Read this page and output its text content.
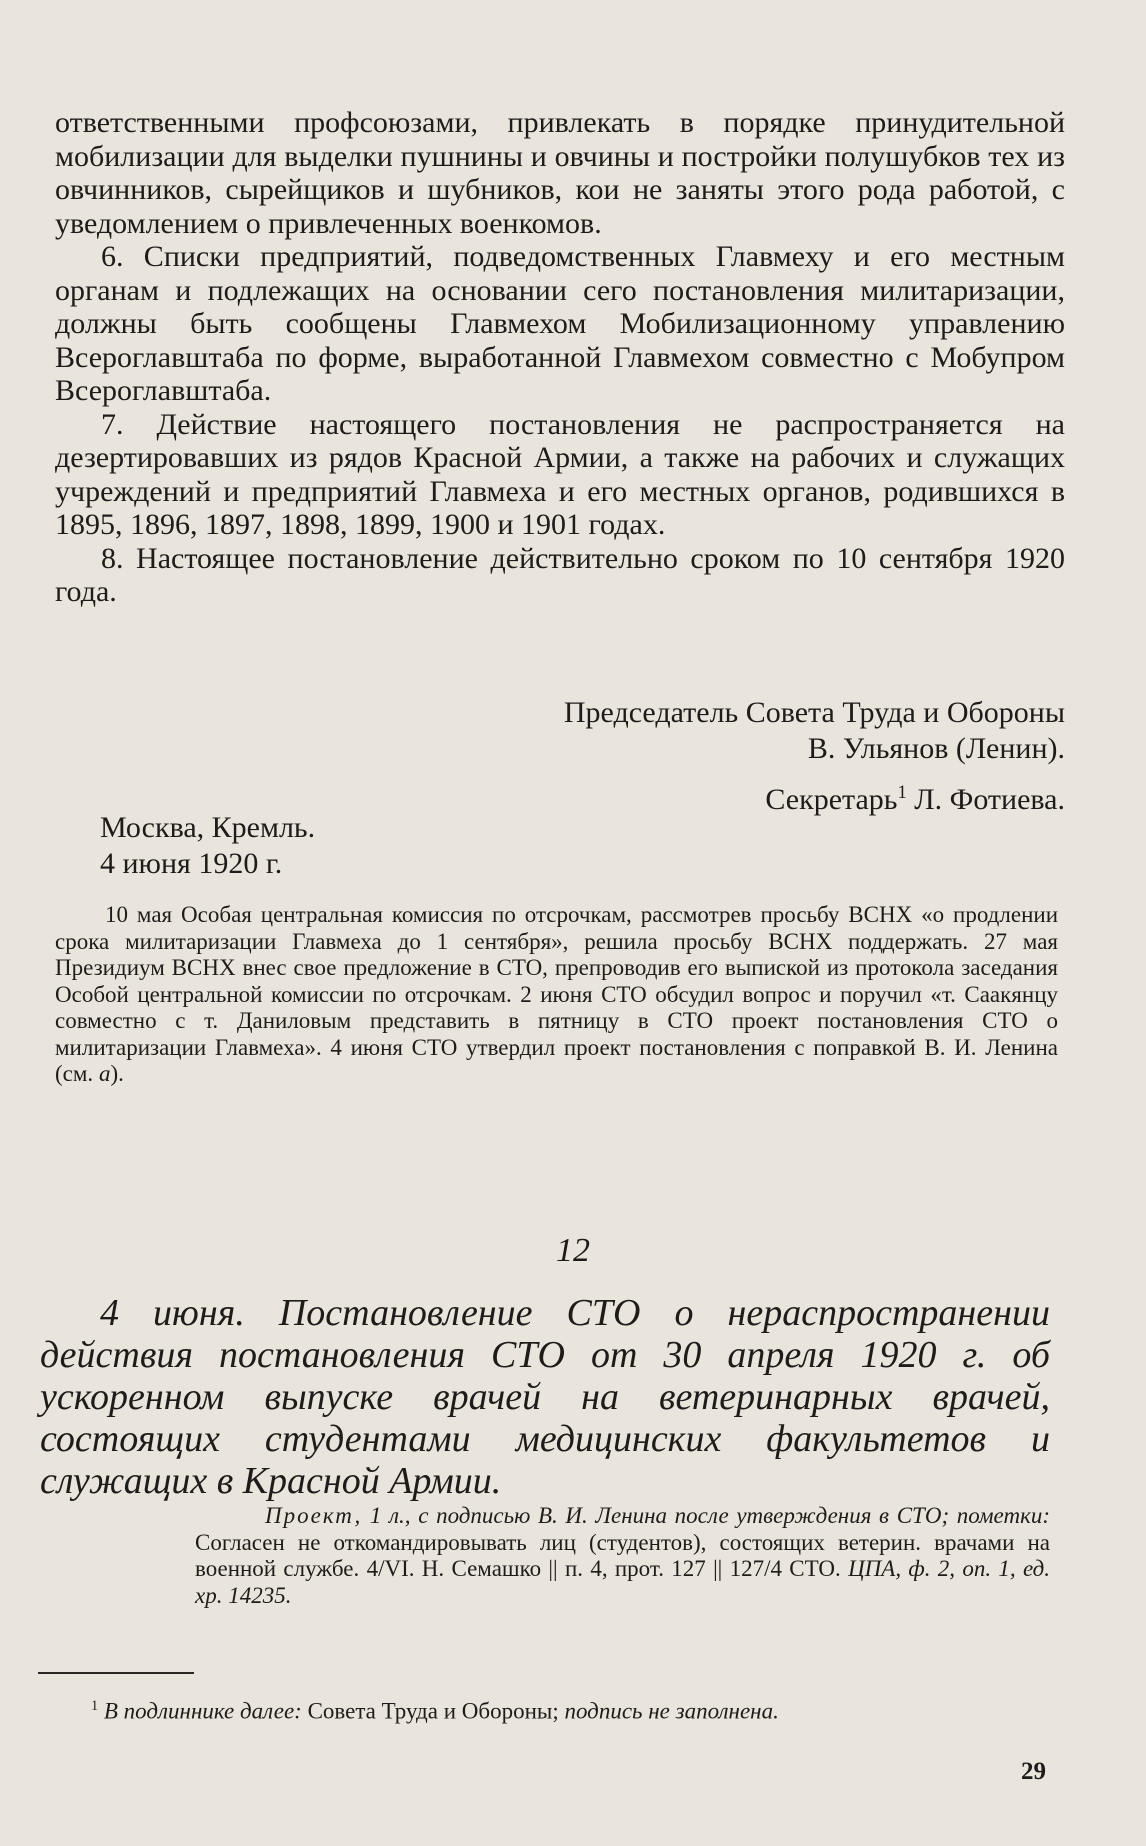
ответственными профсоюзами, привлекать в порядке принудительной мобилизации для выделки пушнины и овчины и постройки полушубков тех из овчинников, сырейщиков и шубников, кои не заняты этого рода работой, с уведомлением о привлеченных военкомов.

6. Списки предприятий, подведомственных Главмеху и его местным органам и подлежащих на основании сего постановления милитаризации, должны быть сообщены Главмехом Мобилизационному управлению Всероглавштаба по форме, выработанной Главмехом совместно с Мобупром Всероглавштаба.

7. Действие настоящего постановления не распространяется на дезертировавших из рядов Красной Армии, а также на рабочих и служащих учреждений и предприятий Главмеха и его местных органов, родившихся в 1895, 1896, 1897, 1898, 1899, 1900 и 1901 годах.

8. Настоящее постановление действительно сроком по 10 сентября 1920 года.

Председатель Совета Труда и Обороны
В. Ульянов (Ленин).
Секретарь$^1$ Л. Фотиева.
Москва, Кремль.
4 июня 1920 г.

10 мая Особая центральная комиссия по отсрочкам, рассмотрев просьбу ВСНХ «о продлении срока милитаризации Главмеха до 1 сентября», решила просьбу ВСНХ поддержать. 27 мая Президиум ВСНХ внес свое предложение в СТО, препроводив его выпиской из протокола заседания Особой центральной комиссии по отсрочкам. 2 июня СТО обсудил вопрос и поручил «т. Саакянцу совместно с т. Даниловым представить в пятницу в СТО проект постановления СТО о милитаризации Главмеха». 4 июня СТО утвердил проект постановления с поправкой В. И. Ленина (см. а).

12

4 июня. Постановление СТО о нераспространении действия постановления СТО от 30 апреля 1920 г. об ускоренном выпуске врачей на ветеринарных врачей, состоящих студентами медицинских факультетов и служащих в Красной Армии.

Проект, 1 л., с подписью В. И. Ленина после утверждения в СТО; пометки: Согласен не откомандировывать лиц (студентов), состоящих ветерин. врачами на военной службе. 4/VI. Н. Семашко || п. 4, прот. 127 || 127/4 СТО. ЦПА, ф. 2, оп. 1, ед. хр. 14235.

$^1$ В подлиннике далее: Совета Труда и Обороны; подпись не заполнена.
29
